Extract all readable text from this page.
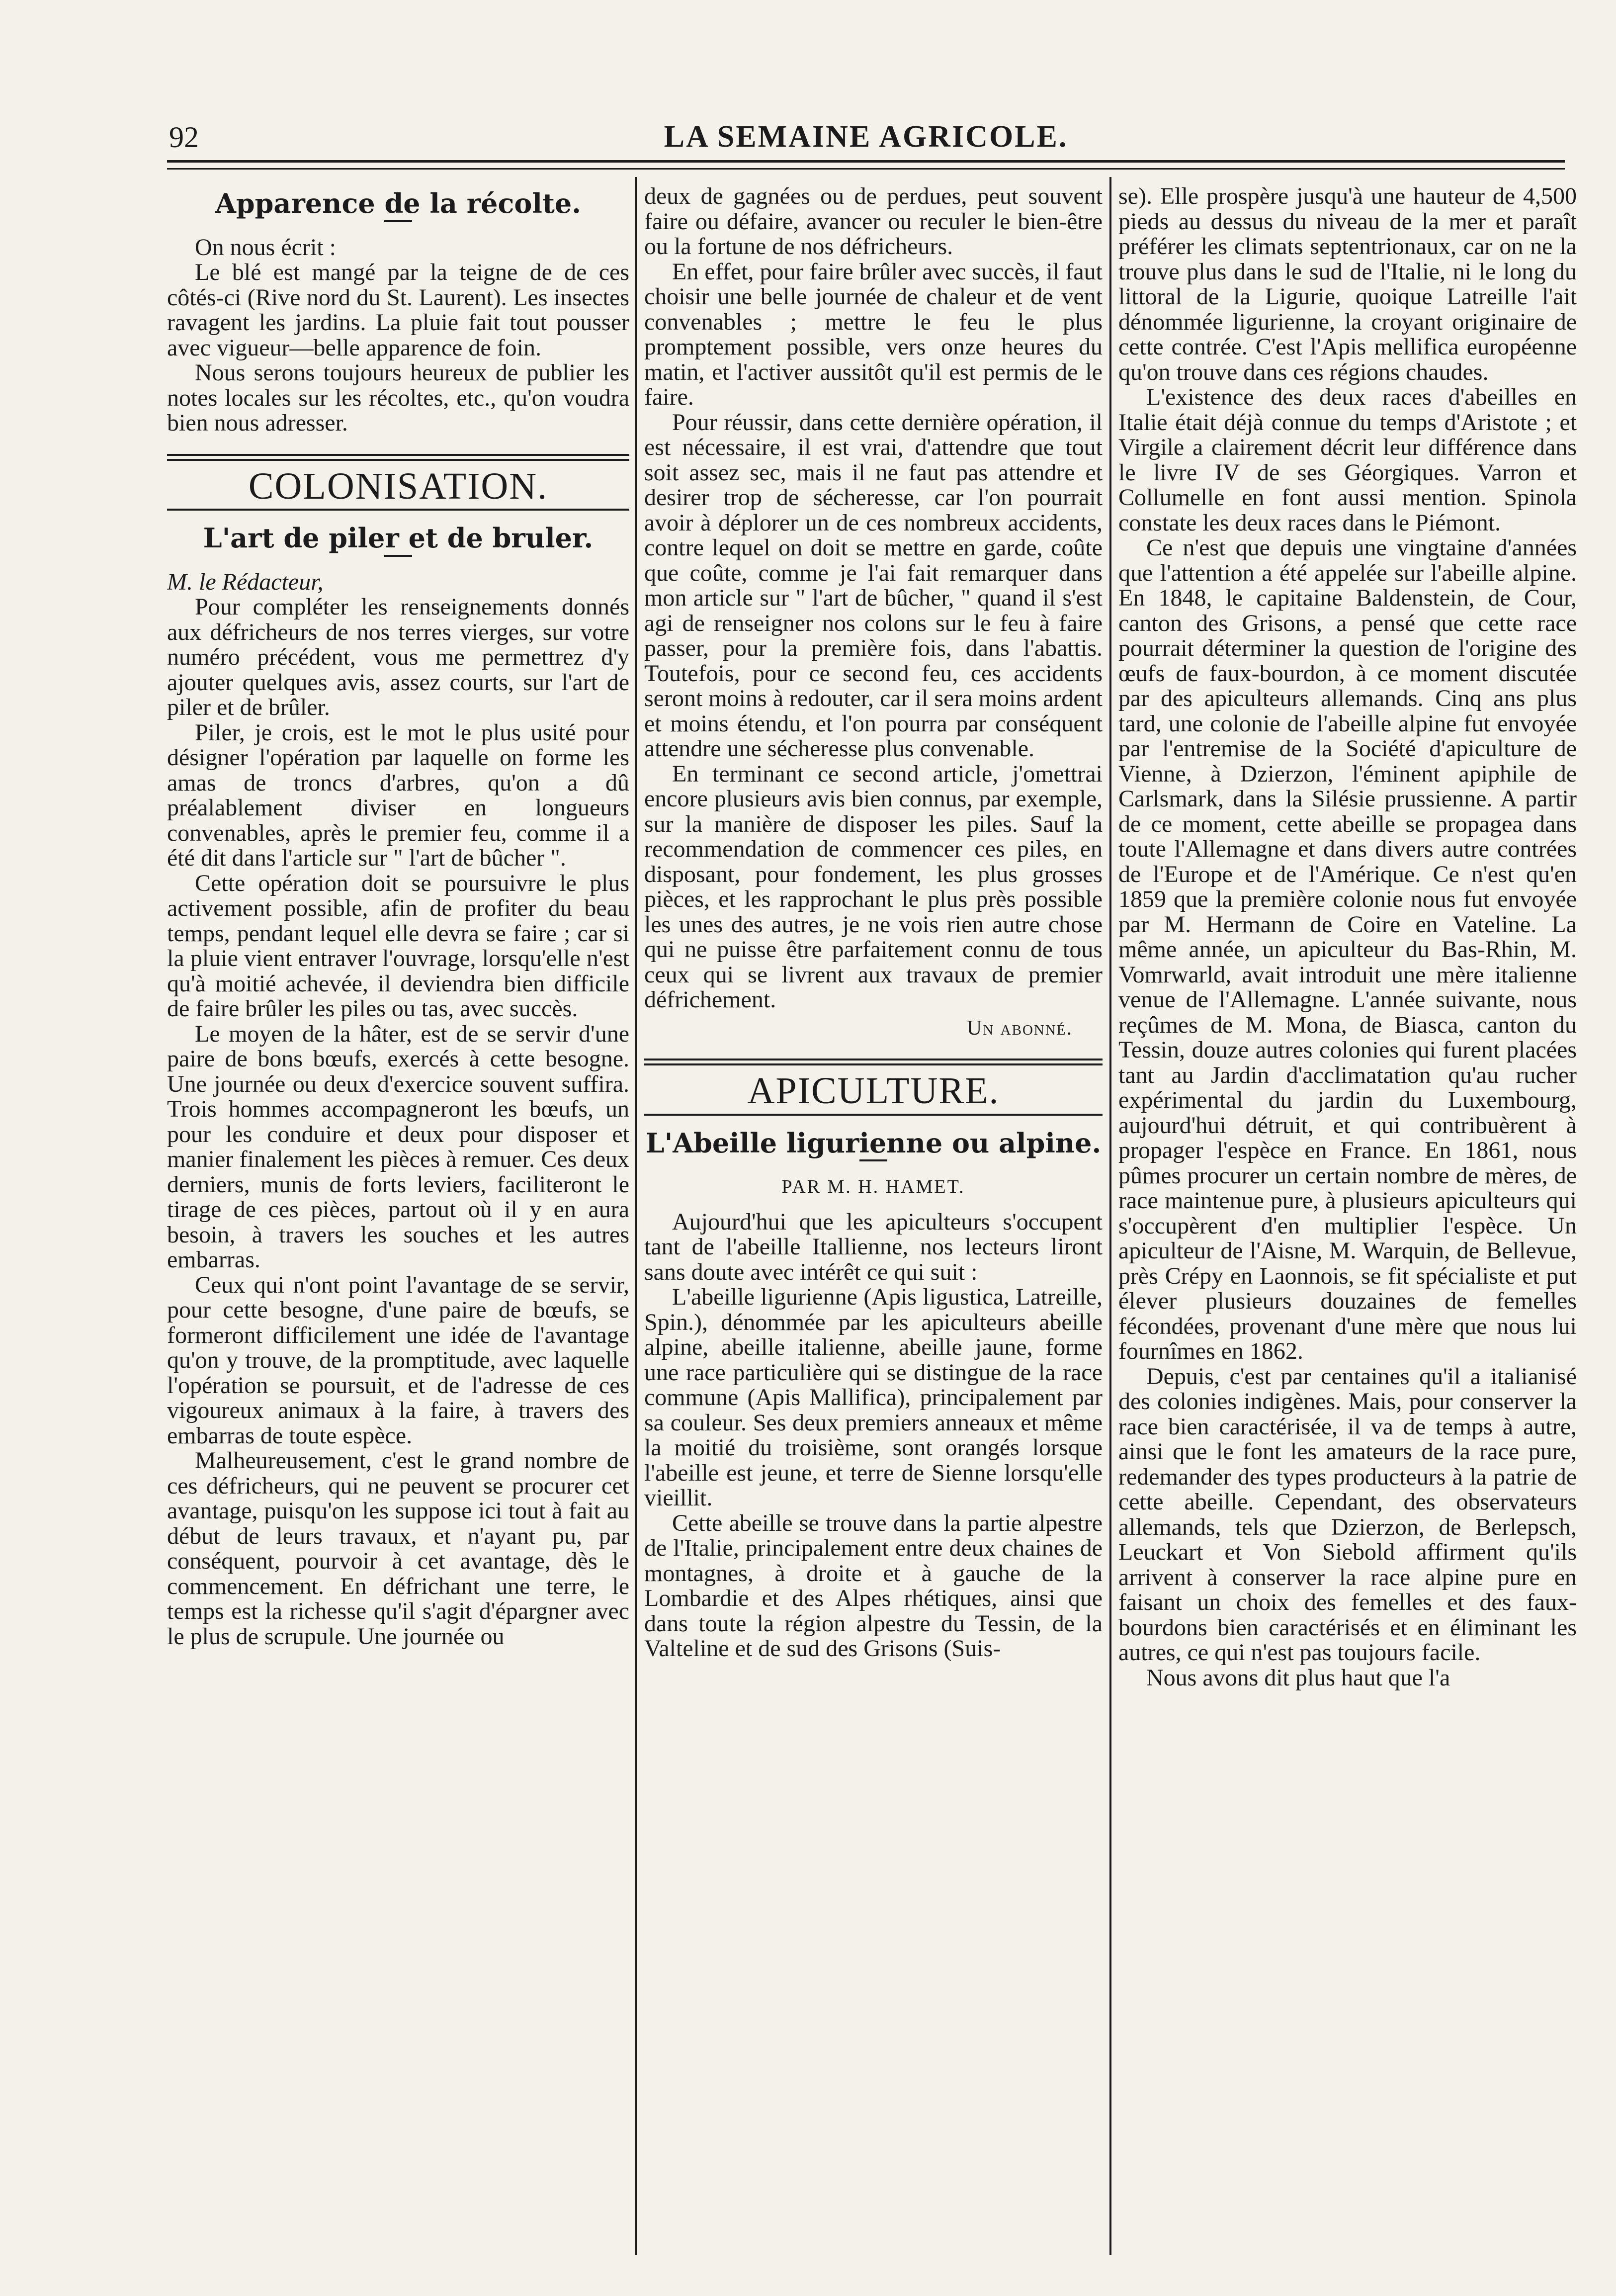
92	LA SEMAINE AGRICOLE.
Apparence de la récolte.

On nous écrit :

Le blé est mangé par la teigne de de ces côtés-ci (Rive nord du St. Laurent). Les insectes ravagent les jardins. La pluie fait tout pousser avec vigueur—belle apparence de foin.

Nous serons toujours heureux de publier les notes locales sur les récoltes, etc., qu'on voudra bien nous adresser.

COLONISATION.
L'art de piler et de bruler.

M. le Rédacteur,

Pour compléter les renseignements donnés aux défricheurs de nos terres vierges, sur votre numéro précédent, vous me permettrez d'y ajouter quelques avis, assez courts, sur l'art de piler et de brûler.

Piler, je crois, est le mot le plus usité pour désigner l'opération par laquelle on forme les amas de troncs d'arbres, qu'on a dû préalablement diviser en longueurs convenables, après le premier feu, comme il a été dit dans l'article sur " l'art de bûcher ".

Cette opération doit se poursuivre le plus activement possible, afin de profiter du beau temps, pendant lequel elle devra se faire ; car si la pluie vient entraver l'ouvrage, lorsqu'elle n'est qu'à moitié achevée, il deviendra bien difficile de faire brûler les piles ou tas, avec succès.

Le moyen de la hâter, est de se servir d'une paire de bons bœufs, exercés à cette besogne. Une journée ou deux d'exercice souvent suffira. Trois hommes accompagneront les bœufs, un pour les conduire et deux pour disposer et manier finalement les pièces à remuer. Ces deux derniers, munis de forts leviers, faciliteront le tirage de ces pièces, partout où il y en aura besoin, à travers les souches et les autres embarras.

Ceux qui n'ont point l'avantage de se servir, pour cette besogne, d'une paire de bœufs, se formeront difficilement une idée de l'avantage qu'on y trouve, de la promptitude, avec laquelle l'opération se poursuit, et de l'adresse de ces vigoureux animaux à la faire, à travers des embarras de toute espèce.

Malheureusement, c'est le grand nombre de ces défricheurs, qui ne peuvent se procurer cet avantage, puisqu'on les suppose ici tout à fait au début de leurs travaux, et n'ayant pu, par conséquent, pourvoir à cet avantage, dès le commencement. En défrichant une terre, le temps est la richesse qu'il s'agit d'épargner avec le plus de scrupule. Une journée ou

deux de gagnées ou de perdues, peut souvent faire ou défaire, avancer ou reculer le bien-être ou la fortune de nos défricheurs.

En effet, pour faire brûler avec succès, il faut choisir une belle journée de chaleur et de vent convenables ; mettre le feu le plus promptement possible, vers onze heures du matin, et l'activer aussitôt qu'il est permis de le faire.

Pour réussir, dans cette dernière opération, il est nécessaire, il est vrai, d'attendre que tout soit assez sec, mais il ne faut pas attendre et desirer trop de sécheresse, car l'on pourrait avoir à déplorer un de ces nombreux accidents, contre lequel on doit se mettre en garde, coûte que coûte, comme je l'ai fait remarquer dans mon article sur " l'art de bûcher, " quand il s'est agi de renseigner nos colons sur le feu à faire passer, pour la première fois, dans l'abattis. Toutefois, pour ce second feu, ces accidents seront moins à redouter, car il sera moins ardent et moins étendu, et l'on pourra par conséquent attendre une sécheresse plus convenable.

En terminant ce second article, j'omettrai encore plusieurs avis bien connus, par exemple, sur la manière de disposer les piles. Sauf la recommendation de commencer ces piles, en disposant, pour fondement, les plus grosses pièces, et les rapprochant le plus près possible les unes des autres, je ne vois rien autre chose qui ne puisse être parfaitement connu de tous ceux qui se livrent aux travaux de premier défrichement.

Un abonné.
APICULTURE.
L'Abeille ligurienne ou alpine.
PAR M. H. HAMET.

Aujourd'hui que les apiculteurs s'occupent tant de l'abeille Itallienne, nos lecteurs liront sans doute avec intérêt ce qui suit :

L'abeille ligurienne (Apis ligustica, Latreille, Spin.), dénommée par les apiculteurs abeille alpine, abeille italienne, abeille jaune, forme une race particulière qui se distingue de la race commune (Apis Mallifica), principalement par sa couleur. Ses deux premiers anneaux et même la moitié du troisième, sont orangés lorsque l'abeille est jeune, et terre de Sienne lorsqu'elle vieillit.

Cette abeille se trouve dans la partie alpestre de l'Italie, principalement entre deux chaines de montagnes, à droite et à gauche de la Lombardie et des Alpes rhétiques, ainsi que dans toute la région alpestre du Tessin, de la Valteline et de sud des Grisons (Suis-

se). Elle prospère jusqu'à une hauteur de 4,500 pieds au dessus du niveau de la mer et paraît préférer les climats septentrionaux, car on ne la trouve plus dans le sud de l'Italie, ni le long du littoral de la Ligurie, quoique Latreille l'ait dénommée ligurienne, la croyant originaire de cette contrée. C'est l'Apis mellifica européenne qu'on trouve dans ces régions chaudes.

L'existence des deux races d'abeilles en Italie était déjà connue du temps d'Aristote ; et Virgile a clairement décrit leur différence dans le livre IV de ses Géorgiques. Varron et Collumelle en font aussi mention. Spinola constate les deux races dans le Piémont.

Ce n'est que depuis une vingtaine d'années que l'attention a été appelée sur l'abeille alpine. En 1848, le capitaine Baldenstein, de Cour, canton des Grisons, a pensé que cette race pourrait déterminer la question de l'origine des œufs de faux-bourdon, à ce moment discutée par des apiculteurs allemands. Cinq ans plus tard, une colonie de l'abeille alpine fut envoyée par l'entremise de la Société d'apiculture de Vienne, à Dzierzon, l'éminent apiphile de Carlsmark, dans la Silésie prussienne. A partir de ce moment, cette abeille se propagea dans toute l'Allemagne et dans divers autre contrées de l'Europe et de l'Amérique. Ce n'est qu'en 1859 que la première colonie nous fut envoyée par M. Hermann de Coire en Vateline. La même année, un apiculteur du Bas-Rhin, M. Vomrwarld, avait introduit une mère italienne venue de l'Allemagne. L'année suivante, nous reçûmes de M. Mona, de Biasca, canton du Tessin, douze autres colonies qui furent placées tant au Jardin d'acclimatation qu'au rucher expérimental du jardin du Luxembourg, aujourd'hui détruit, et qui contribuèrent à propager l'espèce en France. En 1861, nous pûmes procurer un certain nombre de mères, de race maintenue pure, à plusieurs apiculteurs qui s'occupèrent d'en multiplier l'espèce. Un apiculteur de l'Aisne, M. Warquin, de Bellevue, près Crépy en Laonnois, se fit spécialiste et put élever plusieurs douzaines de femelles fécondées, provenant d'une mère que nous lui fournîmes en 1862.

Depuis, c'est par centaines qu'il a italianisé des colonies indigènes. Mais, pour conserver la race bien caractérisée, il va de temps à autre, ainsi que le font les amateurs de la race pure, redemander des types producteurs à la patrie de cette abeille. Cependant, des observateurs allemands, tels que Dzierzon, de Berlepsch, Leuckart et Von Siebold affirment qu'ils arrivent à conserver la race alpine pure en faisant un choix des femelles et des faux-bourdons bien caractérisés et en éliminant les autres, ce qui n'est pas toujours facile.

Nous avons dit plus haut que l'a
